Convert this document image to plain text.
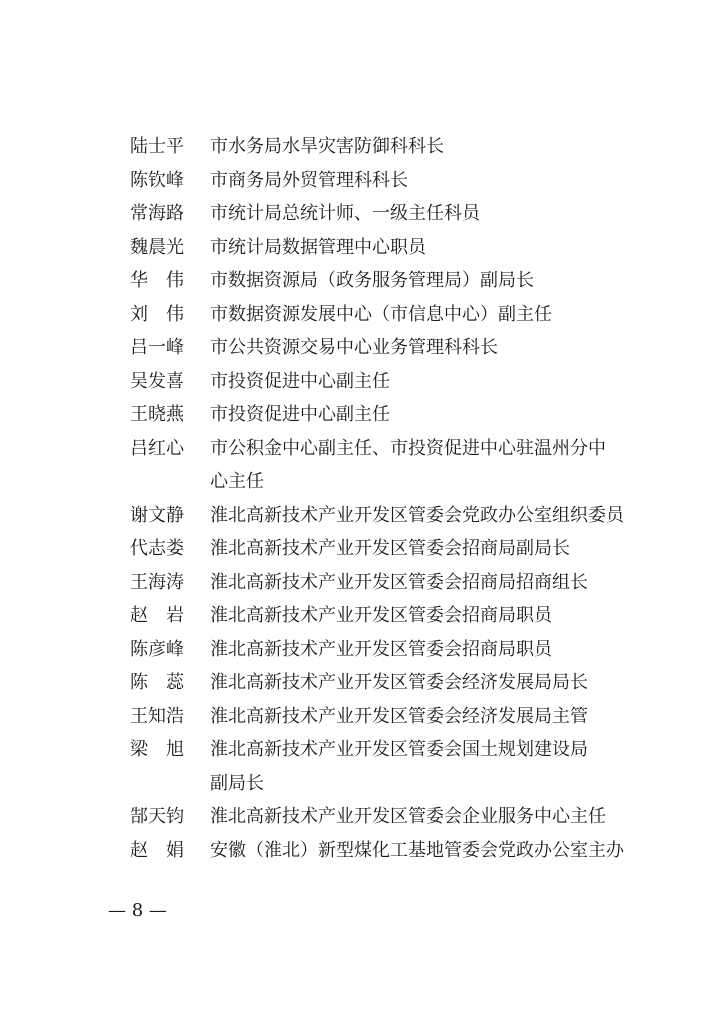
陆士平	市水务局水旱灾害防御科科长
陈钦峰	市商务局外贸管理科科长
常海路	市统计局总统计师、一级主任科员
魏晨光	市统计局数据管理中心职员
华　伟	市数据资源局（政务服务管理局）副局长
刘　伟	市数据资源发展中心（市信息中心）副主任
吕一峰	市公共资源交易中心业务管理科科长
吴发喜	市投资促进中心副主任
王晓燕	市投资促进中心副主任
吕红心	市公积金中心副主任、市投资促进中心驻温州分中
心主任
谢文静	淮北高新技术产业开发区管委会党政办公室组织委员
代志娄	淮北高新技术产业开发区管委会招商局副局长
王海涛	淮北高新技术产业开发区管委会招商局招商组长
赵　岩	淮北高新技术产业开发区管委会招商局职员
陈彦峰	淮北高新技术产业开发区管委会招商局职员
陈　蕊	淮北高新技术产业开发区管委会经济发展局局长
王知浩	淮北高新技术产业开发区管委会经济发展局主管
梁　旭	淮北高新技术产业开发区管委会国土规划建设局
副局长
郜天钧	淮北高新技术产业开发区管委会企业服务中心主任
赵　娟	安徽（淮北）新型煤化工基地管委会党政办公室主办
— 8 —
